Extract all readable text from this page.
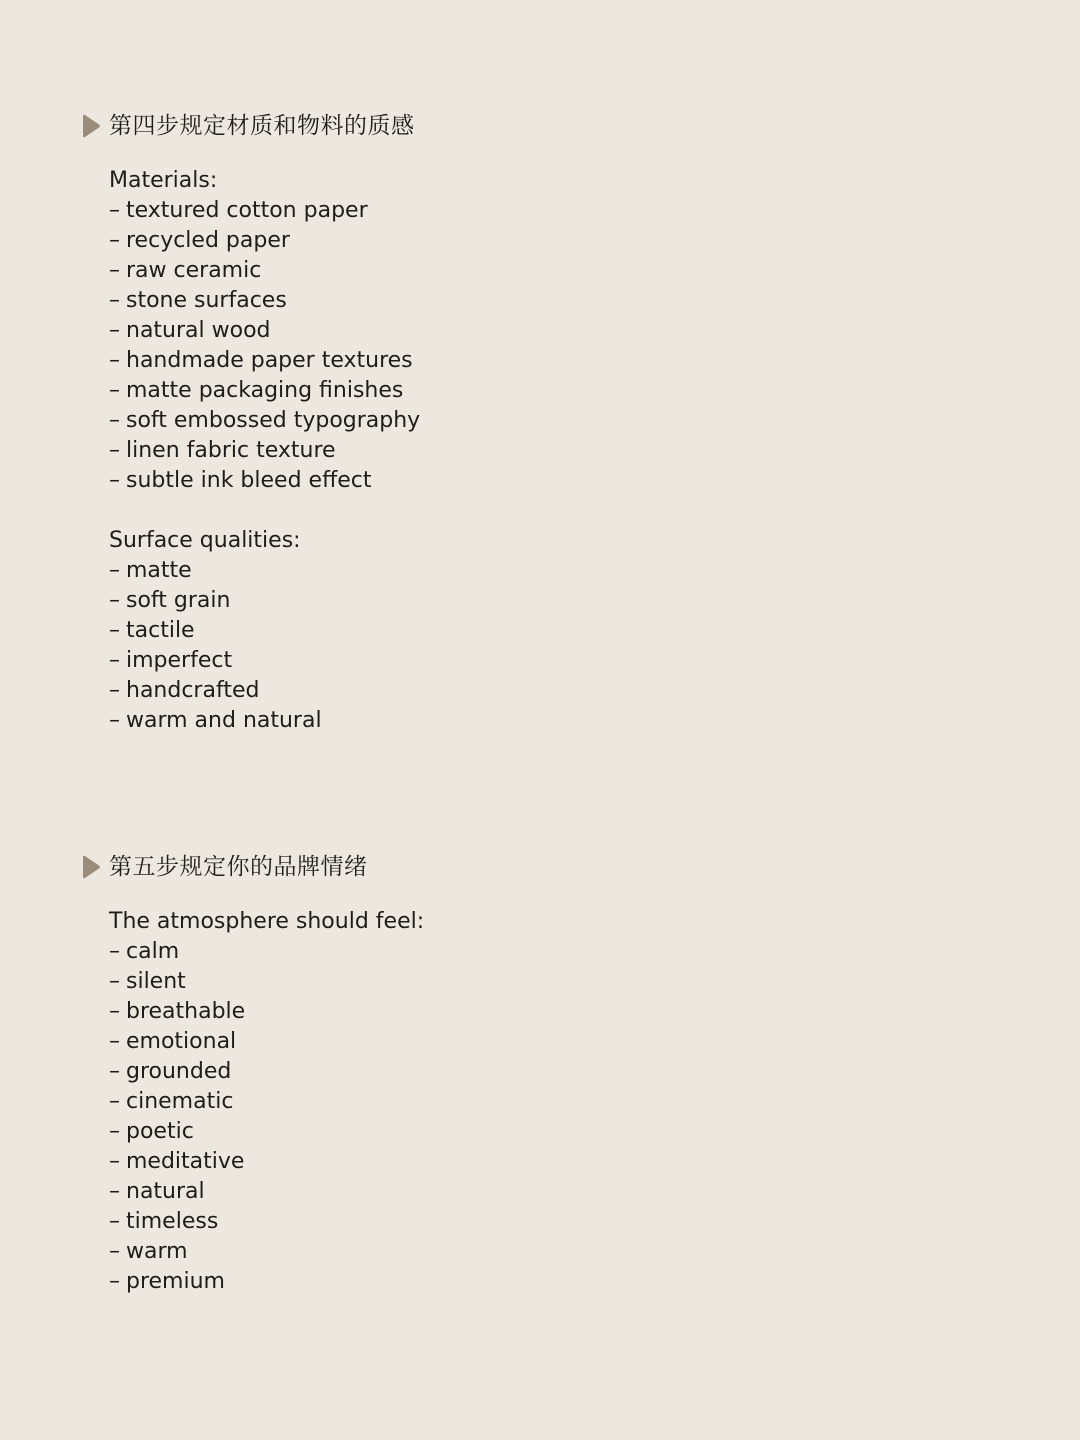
第四步规定材质和物料的质感
Materials:
– textured cotton paper
– recycled paper
– raw ceramic
– stone surfaces
– natural wood
– handmade paper textures
– matte packaging finishes
– soft embossed typography
– linen fabric texture
– subtle ink bleed effect
Surface qualities:
– matte
– soft grain
– tactile
– imperfect
– handcrafted
– warm and natural
第五步规定你的品牌情绪
The atmosphere should feel:
– calm
– silent
– breathable
– emotional
– grounded
– cinematic
– poetic
– meditative
– natural
– timeless
– warm
– premium
